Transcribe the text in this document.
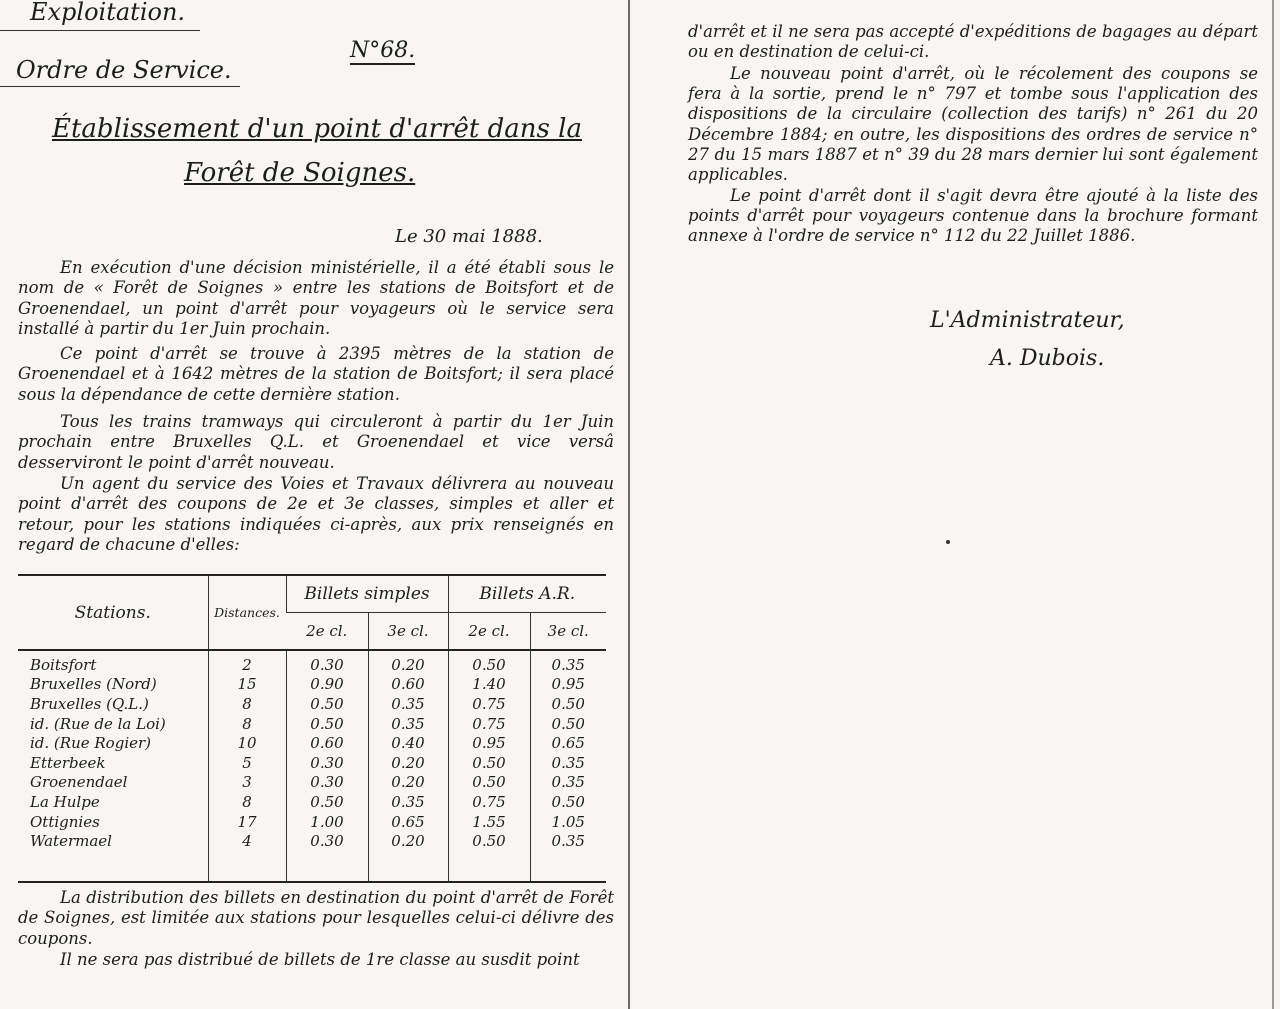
Exploitation.
Ordre de Service.
N°68.
Établissement d'un point d'arrêt dans la
Forêt de Soignes.
Le 30 mai 1888.
En exécution d'une décision ministérielle, il a été établi sous le nom de « Forêt de Soignes » entre les stations de Boitsfort et de Groenendael, un point d'arrêt pour voyageurs où le service sera installé à partir du 1er Juin prochain.
Ce point d'arrêt se trouve à 2395 mètres de la station de Groenendael et à 1642 mètres de la station de Boitsfort; il sera placé sous la dépendance de cette dernière station.
Tous les trains tramways qui circuleront à partir du 1er Juin prochain entre Bruxelles Q.L. et Groenendael et vice versâ desserviront le point d'arrêt nouveau.
Un agent du service des Voies et Travaux délivrera au nouveau point d'arrêt des coupons de 2e et 3e classes, simples et aller et retour, pour les stations indiquées ci-après, aux prix renseignés en regard de chacune d'elles:
Stations.	Distances.	Billets simples		Billets A.R.	
		2e cl.	3e cl.	2e cl.	3e cl.
Boitsfort	2	0.30	0.20	0.50	0.35
Bruxelles (Nord)	15	0.90	0.60	1.40	0.95
Bruxelles (Q.L.)	8	0.50	0.35	0.75	0.50
id. (Rue de la Loi)	8	0.50	0.35	0.75	0.50
id. (Rue Rogier)	10	0.60	0.40	0.95	0.65
Etterbeek	5	0.30	0.20	0.50	0.35
Groenendael	3	0.30	0.20	0.50	0.35
La Hulpe	8	0.50	0.35	0.75	0.50
Ottignies	17	1.00	0.65	1.55	1.05
Watermael	4	0.30	0.20	0.50	0.35
La distribution des billets en destination du point d'arrêt de Forêt de Soignes, est limitée aux stations pour lesquelles celui-ci délivre des coupons.
Il ne sera pas distribué de billets de 1re classe au susdit point
d'arrêt et il ne sera pas accepté d'expéditions de bagages au départ ou en destination de celui-ci.
Le nouveau point d'arrêt, où le récolement des coupons se fera à la sortie, prend le n° 797 et tombe sous l'application des dispositions de la circulaire (collection des tarifs) n° 261 du 20 Décembre 1884; en outre, les dispositions des ordres de service n° 27 du 15 mars 1887 et n° 39 du 28 mars dernier lui sont également applicables.
Le point d'arrêt dont il s'agit devra être ajouté à la liste des points d'arrêt pour voyageurs contenue dans la brochure formant annexe à l'ordre de service n° 112 du 22 Juillet 1886.
L'Administrateur,
A. Dubois.
